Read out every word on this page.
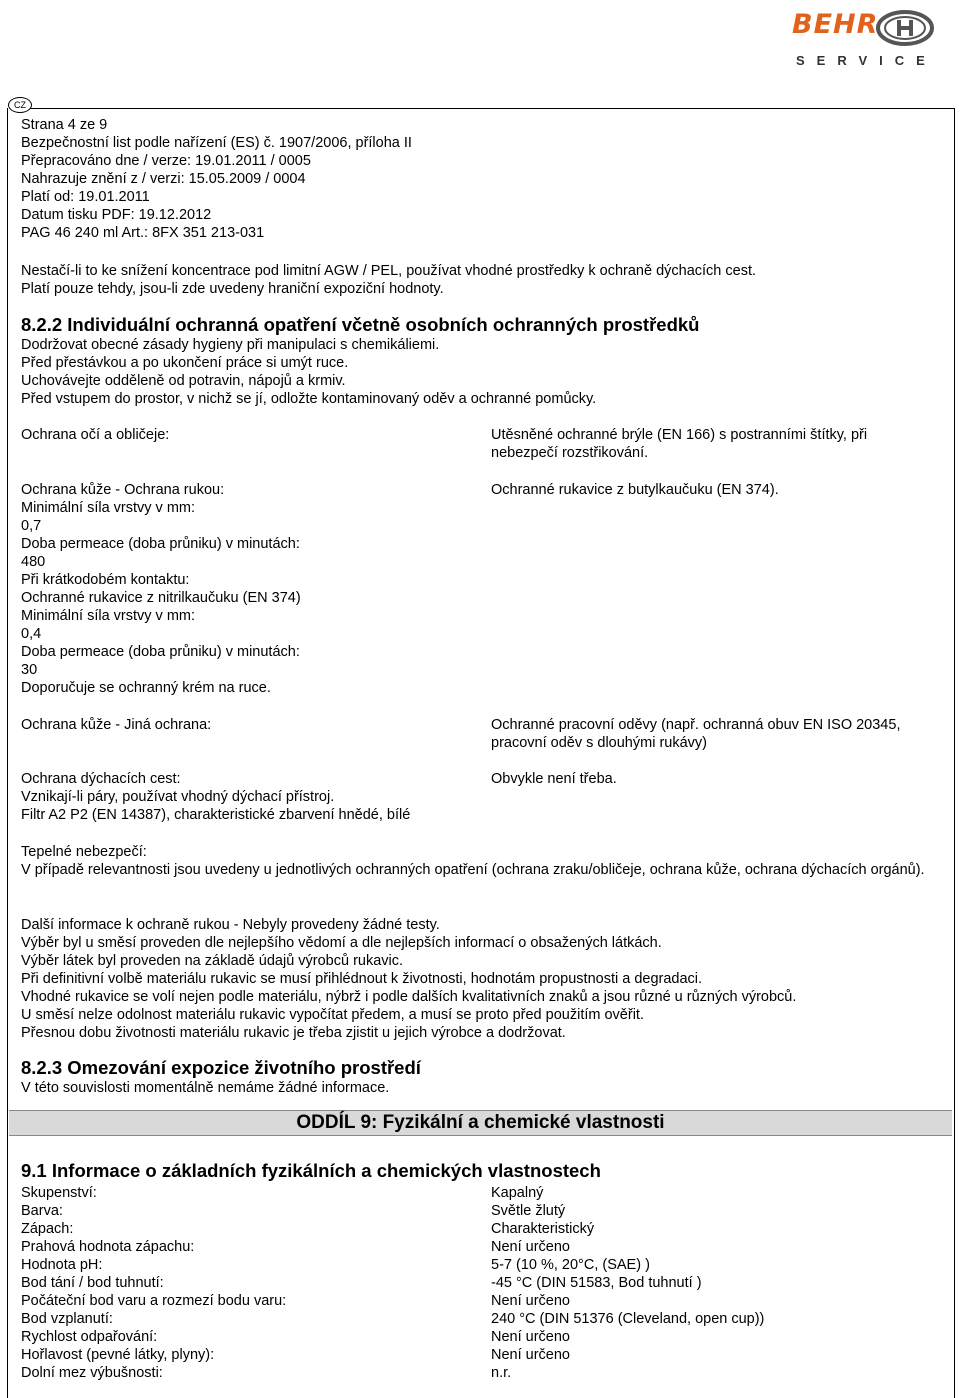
BEHR
SERVICE
CZ
Strana 4 ze 9
Bezpečnostní list podle nařízení (ES) č. 1907/2006, příloha II
Přepracováno dne / verze: 19.01.2011 / 0005
Nahrazuje znění z / verzi: 15.05.2009 / 0004
Platí od: 19.01.2011
Datum tisku PDF: 19.12.2012
PAG 46 240 ml Art.: 8FX 351 213-031
Nestačí-li to ke snížení koncentrace pod limitní AGW / PEL, používat vhodné prostředky k ochraně dýchacích cest.
Platí pouze tehdy, jsou-li zde uvedeny hraniční expoziční hodnoty.
8.2.2 Individuální ochranná opatření včetně osobních ochranných prostředků
Dodržovat obecné zásady hygieny při manipulaci s chemikáliemi.
Před přestávkou a po ukončení práce si umýt ruce.
Uchovávejte odděleně od potravin, nápojů a krmiv.
Před vstupem do prostor, v nichž se jí, odložte kontaminovaný oděv a ochranné pomůcky.
Ochrana očí a obličeje:	Utěsněné ochranné brýle (EN 166) s postranními štítky, při nebezpečí rozstřikování.
Ochrana kůže - Ochrana rukou:	Ochranné rukavice z butylkaučuku (EN 374).
Minimální síla vrstvy v mm:
0,7
Doba permeace (doba průniku) v minutách:
480
Při krátkodobém kontaktu:
Ochranné rukavice z nitrilkaučuku (EN 374)
Minimální síla vrstvy v mm:
0,4
Doba permeace (doba průniku) v minutách:
30
Doporučuje se ochranný krém na ruce.
Ochrana kůže - Jiná ochrana:	Ochranné pracovní oděvy (např. ochranná obuv EN ISO 20345,
pracovní oděv s dlouhými rukávy)
Ochrana dýchacích cest:	Obvykle není třeba.
Vznikají-li páry, používat vhodný dýchací přístroj.
Filtr A2 P2 (EN 14387), charakteristické zbarvení hnědé, bílé
Tepelné nebezpečí:
V případě relevantnosti jsou uvedeny u jednotlivých ochranných opatření (ochrana zraku/obličeje, ochrana kůže, ochrana dýchacích orgánů).
Další informace k ochraně rukou - Nebyly provedeny žádné testy.
Výběr byl u směsí proveden dle nejlepšího vědomí a dle nejlepších informací o obsažených látkách.
Výběr látek byl proveden na základě údajů výrobců rukavic.
Při definitivní volbě materiálu rukavic se musí přihlédnout k životnosti, hodnotám propustnosti a degradaci.
Vhodné rukavice se volí nejen podle materiálu, nýbrž i podle dalších kvalitativních znaků a jsou různé u různých výrobců.
U směsí nelze odolnost materiálu rukavic vypočítat předem, a musí se proto před použitím ověřit.
Přesnou dobu životnosti materiálu rukavic je třeba zjistit u jejich výrobce a dodržovat.
8.2.3 Omezování expozice životního prostředí
V této souvislosti momentálně nemáme žádné informace.
ODDÍL 9: Fyzikální a chemické vlastnosti
9.1 Informace o základních fyzikálních a chemických vlastnostech
Skupenství:	Kapalný
Barva:	Světle žlutý
Zápach:	Charakteristický
Prahová hodnota zápachu:	Není určeno
Hodnota pH:	5-7 (10 %, 20°C, (SAE) )
Bod tání / bod tuhnutí:	-45 °C (DIN 51583, Bod tuhnutí )
Počáteční bod varu a rozmezí bodu varu:	Není určeno
Bod vzplanutí:	240 °C (DIN 51376 (Cleveland, open cup))
Rychlost odpařování:	Není určeno
Hořlavost (pevné látky, plyny):	Není určeno
Dolní mez výbušnosti:	n.r.
